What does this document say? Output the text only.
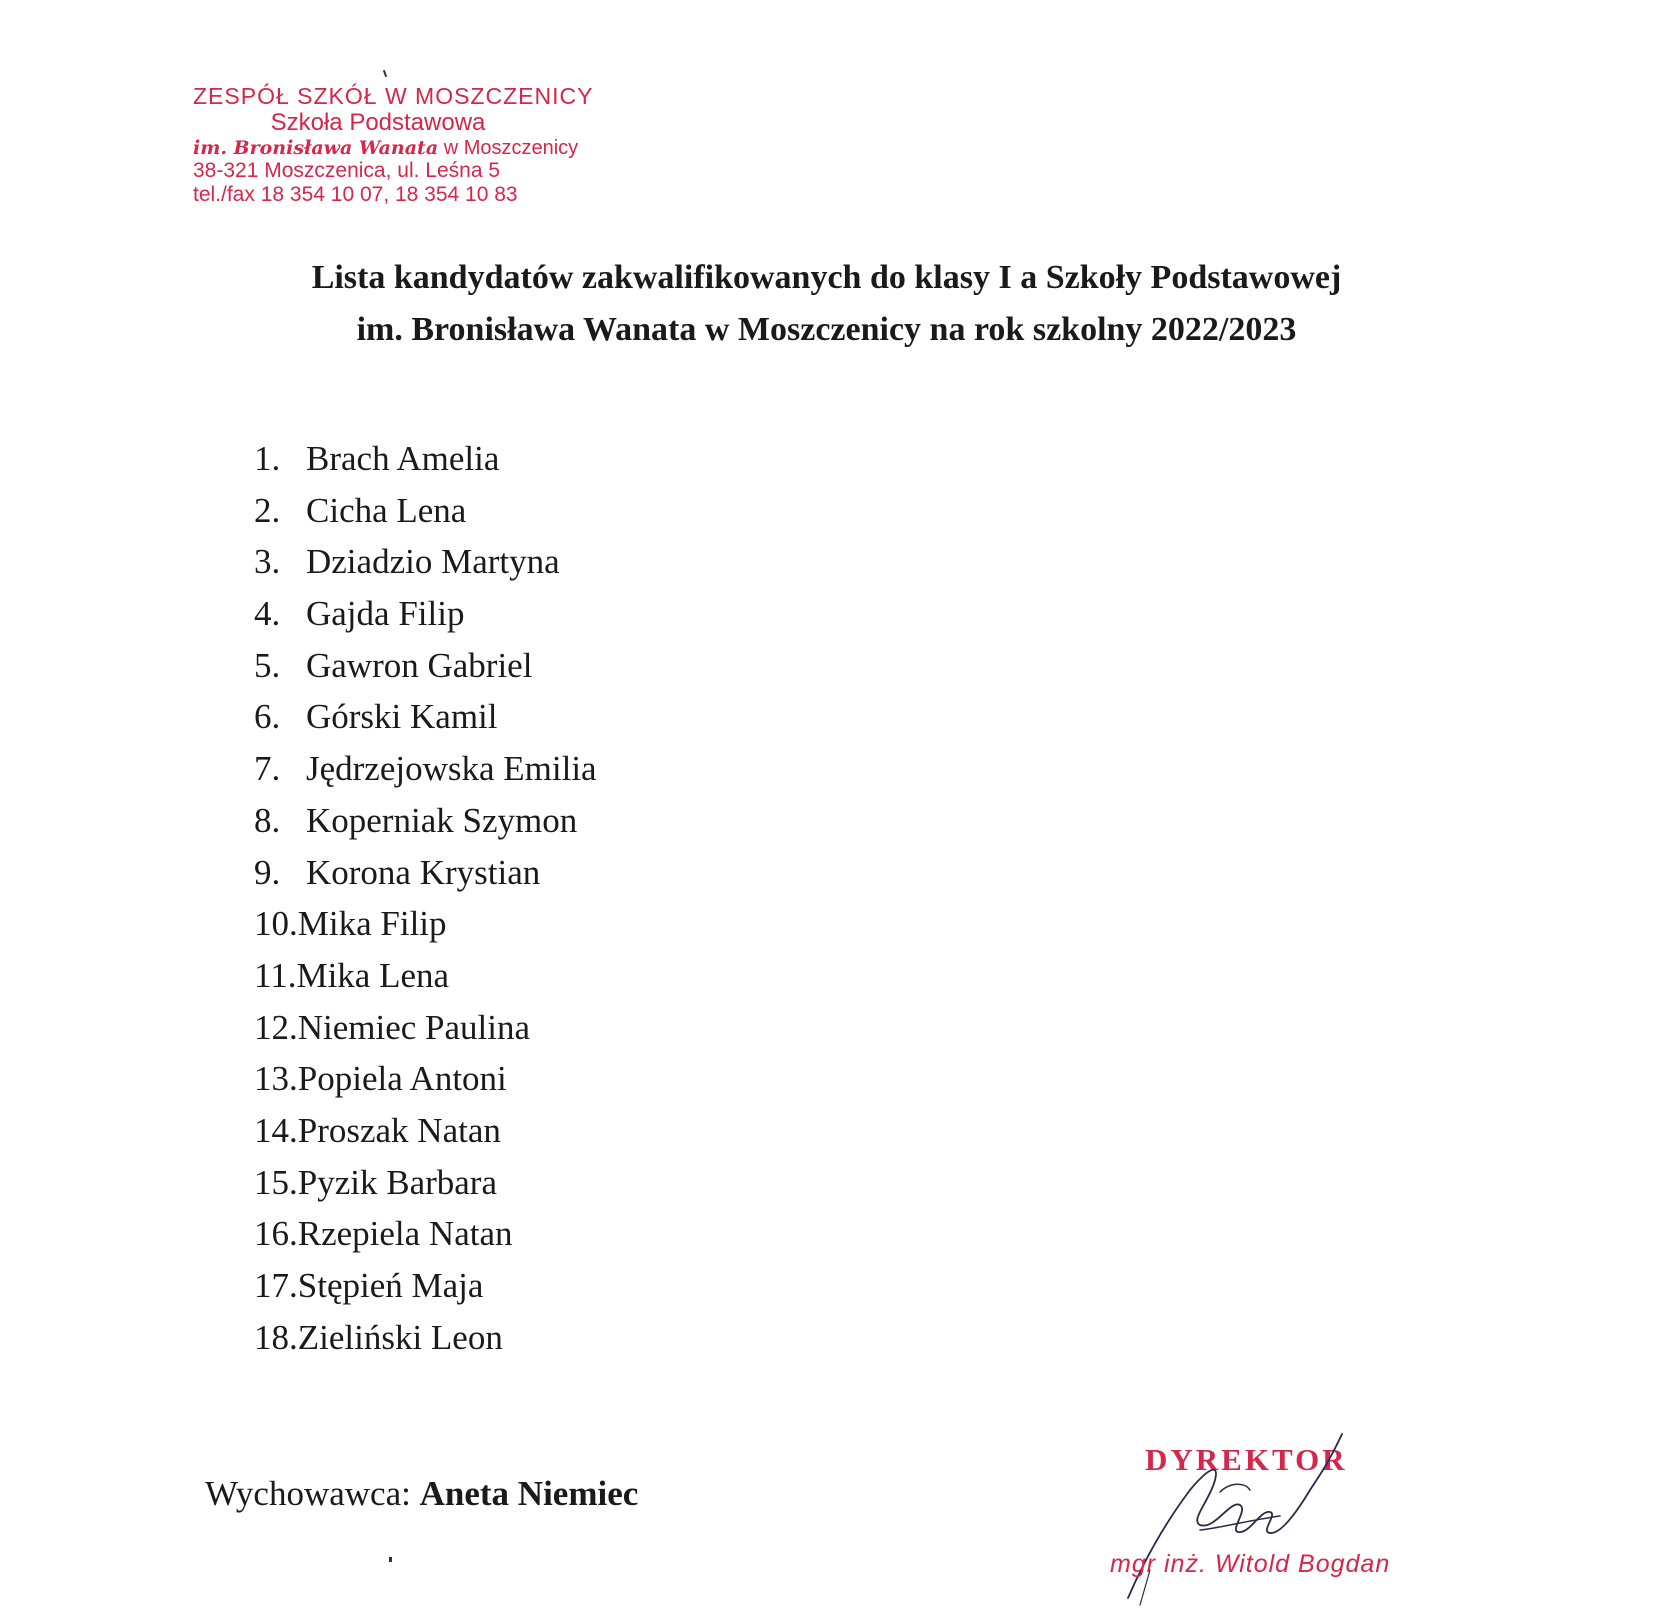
ZESPÓŁ SZKÓŁ W MOSZCZENICY
Szkoła Podstawowa
im. Bronisława Wanata w Moszczenicy
38-321 Moszczenica, ul. Leśna 5
tel./fax 18 354 10 07, 18 354 10 83
Lista kandydatów zakwalifikowanych do klasy I a Szkoły Podstawowej
im. Bronisława Wanata w Moszczenicy na rok szkolny 2022/2023
1. Brach Amelia
2. Cicha Lena
3. Dziadzio Martyna
4. Gajda Filip
5. Gawron Gabriel
6. Górski Kamil
7. Jędrzejowska Emilia
8. Koperniak Szymon
9. Korona Krystian
10.Mika Filip
11.Mika Lena
12.Niemiec Paulina
13.Popiela Antoni
14.Proszak Natan
15.Pyzik Barbara
16.Rzepiela Natan
17.Stępień Maja
18.Zieliński Leon
Wychowawca: Aneta Niemiec
DYREKTOR
mgr inż. Witold Bogdan
